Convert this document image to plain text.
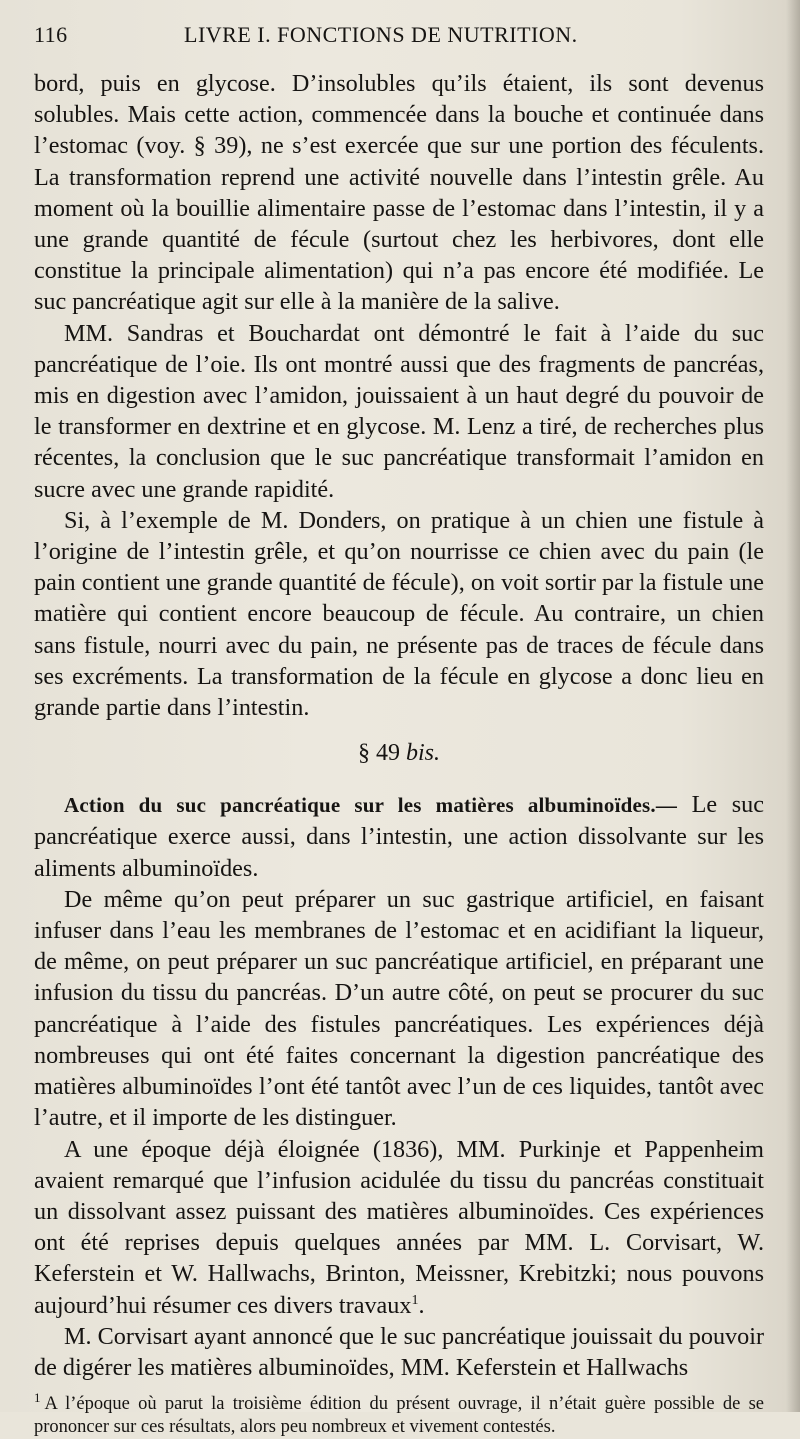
116	LIVRE I. FONCTIONS DE NUTRITION.

bord, puis en glycose. D’insolubles qu’ils étaient, ils sont devenus solubles. Mais cette action, commencée dans la bouche et continuée dans l’estomac (voy. § 39), ne s’est exercée que sur une portion des féculents. La transformation reprend une activité nouvelle dans l’intestin grêle. Au moment où la bouillie alimentaire passe de l’estomac dans l’intestin, il y a une grande quantité de fécule (surtout chez les herbivores, dont elle constitue la principale alimentation) qui n’a pas encore été modifiée. Le suc pancréatique agit sur elle à la manière de la salive.

MM. Sandras et Bouchardat ont démontré le fait à l’aide du suc pancréatique de l’oie. Ils ont montré aussi que des fragments de pancréas, mis en digestion avec l’amidon, jouissaient à un haut degré du pouvoir de le transformer en dextrine et en glycose. M. Lenz a tiré, de recherches plus récentes, la conclusion que le suc pancréatique transformait l’amidon en sucre avec une grande rapidité.

Si, à l’exemple de M. Donders, on pratique à un chien une fistule à l’origine de l’intestin grêle, et qu’on nourrisse ce chien avec du pain (le pain contient une grande quantité de fécule), on voit sortir par la fistule une matière qui contient encore beaucoup de fécule. Au contraire, un chien sans fistule, nourri avec du pain, ne présente pas de traces de fécule dans ses excréments. La transformation de la fécule en glycose a donc lieu en grande partie dans l’intestin.

§ 49 bis.

Action du suc pancréatique sur les matières albuminoïdes.— Le suc pancréatique exerce aussi, dans l’intestin, une action dissolvante sur les aliments albuminoïdes.

De même qu’on peut préparer un suc gastrique artificiel, en faisant infuser dans l’eau les membranes de l’estomac et en acidifiant la liqueur, de même, on peut préparer un suc pancréatique artificiel, en préparant une infusion du tissu du pancréas. D’un autre côté, on peut se procurer du suc pancréatique à l’aide des fistules pancréatiques. Les expériences déjà nombreuses qui ont été faites concernant la digestion pancréatique des matières albuminoïdes l’ont été tantôt avec l’un de ces liquides, tantôt avec l’autre, et il importe de les distinguer.

A une époque déjà éloignée (1836), MM. Purkinje et Pappenheim avaient remarqué que l’infusion acidulée du tissu du pancréas constituait un dissolvant assez puissant des matières albuminoïdes. Ces expériences ont été reprises depuis quelques années par MM. L. Corvisart, W. Keferstein et W. Hallwachs, Brinton, Meissner, Krebitzki; nous pouvons aujourd’hui résumer ces divers travaux$^1$.

M. Corvisart ayant annoncé que le suc pancréatique jouissait du pouvoir de digérer les matières albuminoïdes, MM. Keferstein et Hallwachs

$^1$ A l’époque où parut la troisième édition du présent ouvrage, il n’était guère possible de se prononcer sur ces résultats, alors peu nombreux et vivement contestés.
